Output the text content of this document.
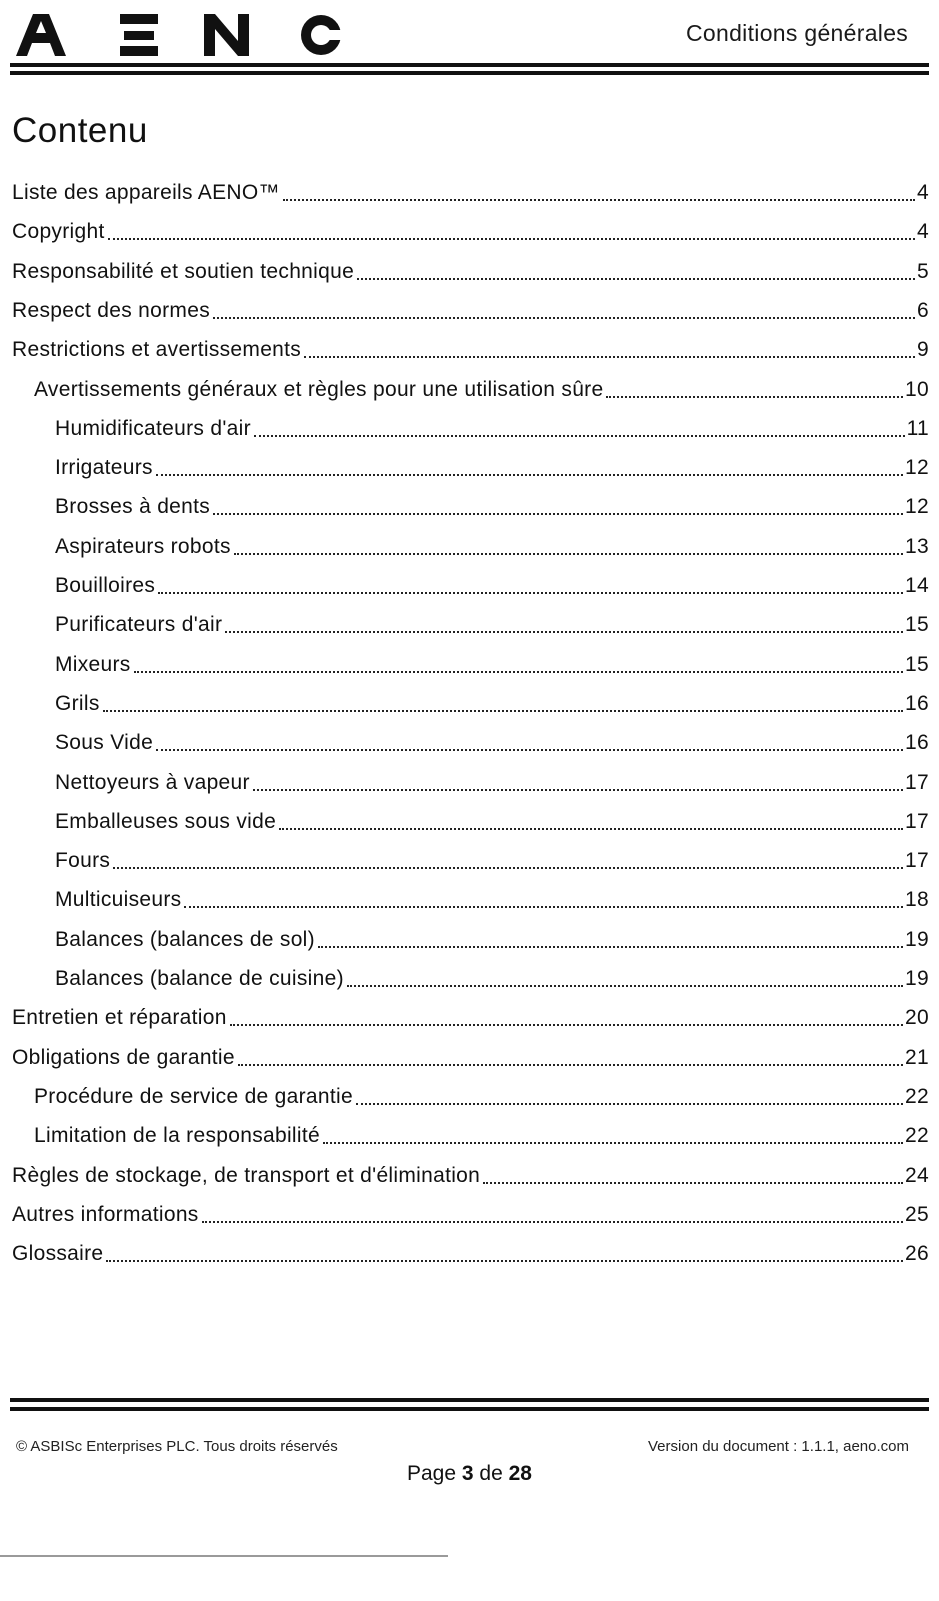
Conditions générales
Contenu
Liste des appareils AENO™	4
Copyright	4
Responsabilité et soutien technique	5
Respect des normes	6
Restrictions et avertissements	9
Avertissements généraux et règles pour une utilisation sûre	10
Humidificateurs d'air	11
Irrigateurs	12
Brosses à dents	12
Aspirateurs robots	13
Bouilloires	14
Purificateurs d'air	15
Mixeurs	15
Grils	16
Sous Vide	16
Nettoyeurs à vapeur	17
Emballeuses sous vide	17
Fours	17
Multicuiseurs	18
Balances (balances de sol)	19
Balances (balance de cuisine)	19
Entretien et réparation	20
Obligations de garantie	21
Procédure de service de garantie	22
Limitation de la responsabilité	22
Règles de stockage, de transport et d'élimination	24
Autres informations	25
Glossaire	26
© ASBISc Enterprises PLC. Tous droits réservés	Version du document : 1.1.1, aeno.com
Page 3 de 28
